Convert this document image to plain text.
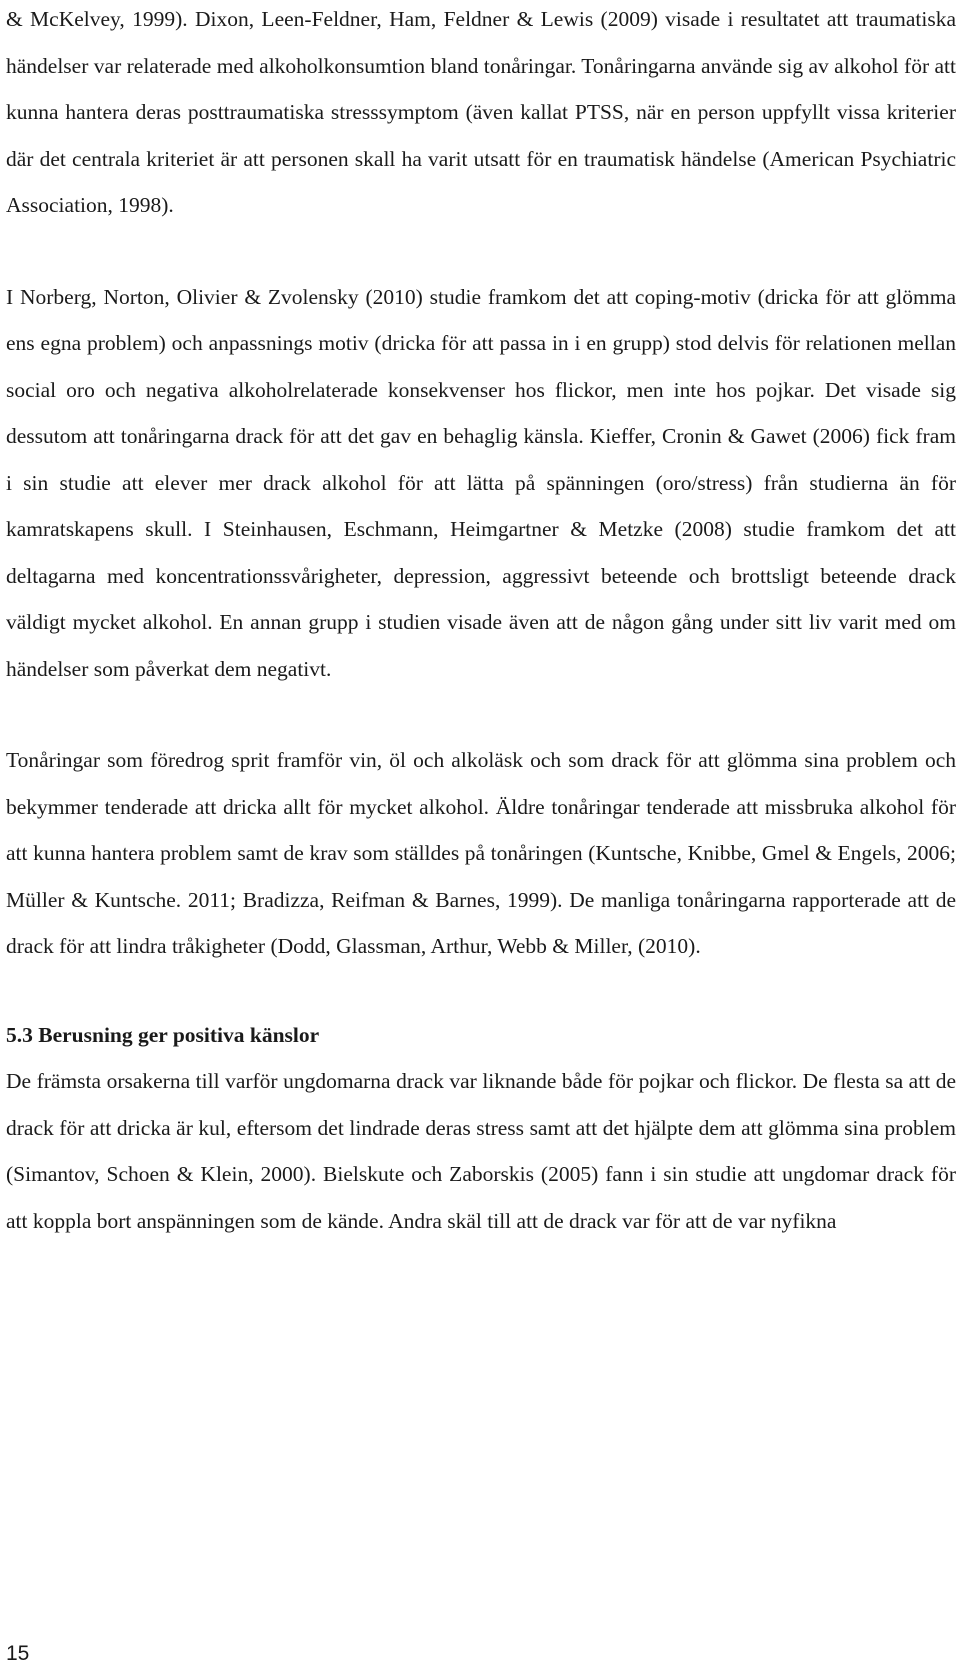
& McKelvey, 1999). Dixon, Leen-Feldner, Ham, Feldner & Lewis (2009) visade i resultatet att traumatiska händelser var relaterade med alkoholkonsumtion bland tonåringar. Tonåringarna använde sig av alkohol för att kunna hantera deras posttraumatiska stresssymptom (även kallat PTSS, när en person uppfyllt vissa kriterier där det centrala kriteriet är att personen skall ha varit utsatt för en traumatisk händelse (American Psychiatric Association, 1998).

I Norberg, Norton, Olivier & Zvolensky (2010) studie framkom det att coping-motiv (dricka för att glömma ens egna problem) och anpassnings motiv (dricka för att passa in i en grupp) stod delvis för relationen mellan social oro och negativa alkoholrelaterade konsekvenser hos flickor, men inte hos pojkar. Det visade sig dessutom att tonåringarna drack för att det gav en behaglig känsla. Kieffer, Cronin & Gawet (2006) fick fram i sin studie att elever mer drack alkohol för att lätta på spänningen (oro/stress) från studierna än för kamratskapens skull. I Steinhausen, Eschmann, Heimgartner & Metzke (2008) studie framkom det att deltagarna med koncentrationssvårigheter, depression, aggressivt beteende och brottsligt beteende drack väldigt mycket alkohol. En annan grupp i studien visade även att de någon gång under sitt liv varit med om händelser som påverkat dem negativt.

Tonåringar som föredrog sprit framför vin, öl och alkoläsk och som drack för att glömma sina problem och bekymmer tenderade att dricka allt för mycket alkohol. Äldre tonåringar tenderade att missbruka alkohol för att kunna hantera problem samt de krav som ställdes på tonåringen (Kuntsche, Knibbe, Gmel & Engels, 2006; Müller & Kuntsche. 2011; Bradizza, Reifman & Barnes, 1999). De manliga tonåringarna rapporterade att de drack för att lindra tråkigheter (Dodd, Glassman, Arthur, Webb & Miller, (2010).

5.3 Berusning ger positiva känslor

De främsta orsakerna till varför ungdomarna drack var liknande både för pojkar och flickor. De flesta sa att de drack för att dricka är kul, eftersom det lindrade deras stress samt att det hjälpte dem att glömma sina problem (Simantov, Schoen & Klein, 2000). Bielskute och Zaborskis (2005) fann i sin studie att ungdomar drack för att koppla bort anspänningen som de kände. Andra skäl till att de drack var för att de var nyfikna

15
